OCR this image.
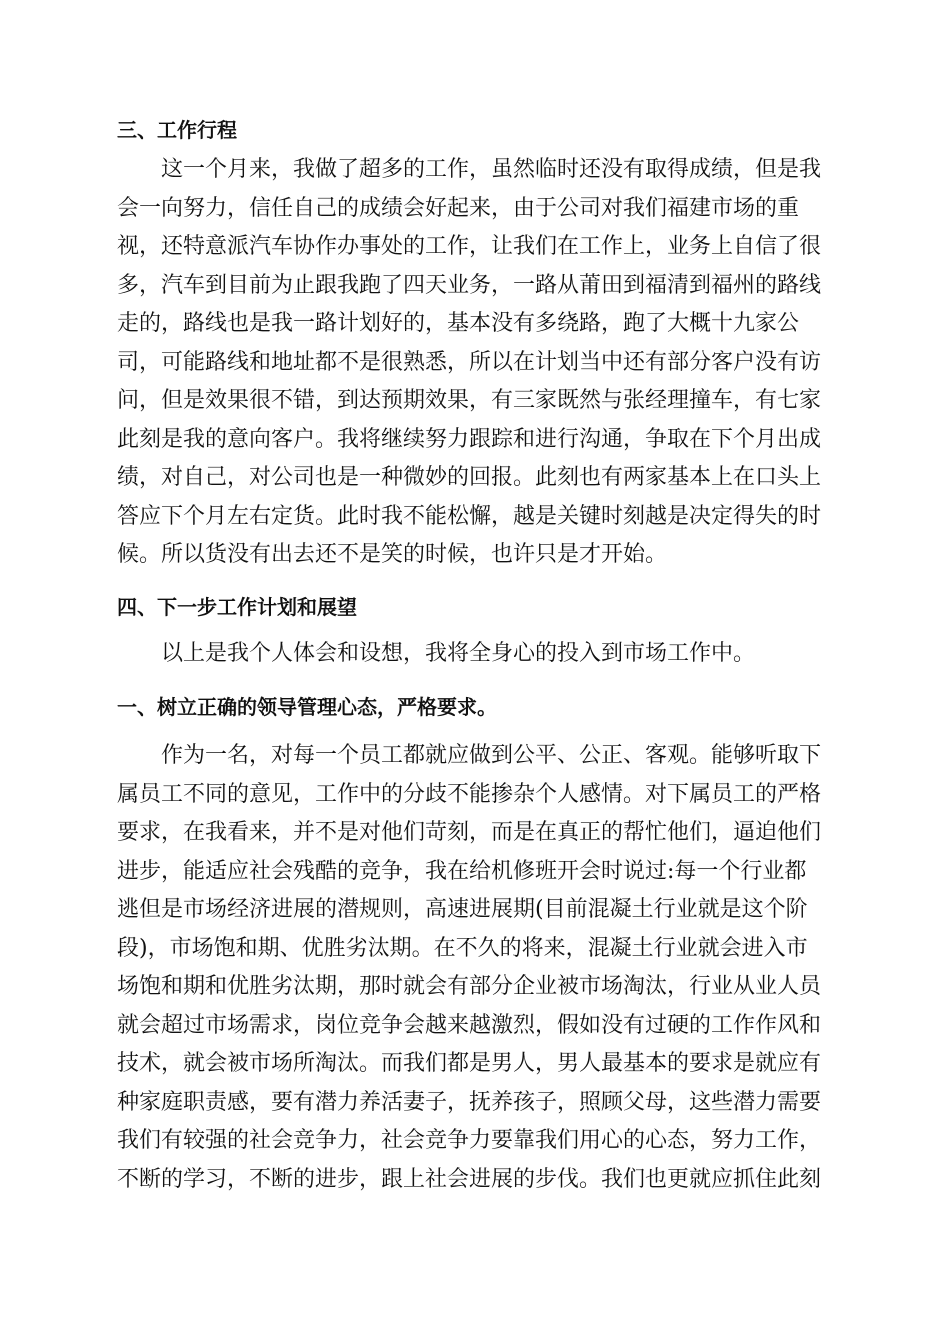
三、工作行程
这一个月来，我做了超多的工作，虽然临时还没有取得成绩，但是我
会一向努力，信任自己的成绩会好起来，由于公司对我们福建市场的重
视，还特意派汽车协作办事处的工作，让我们在工作上，业务上自信了很
多，汽车到目前为止跟我跑了四天业务，一路从莆田到福清到福州的路线
走的，路线也是我一路计划好的，基本没有多绕路，跑了大概十九家公
司，可能路线和地址都不是很熟悉，所以在计划当中还有部分客户没有访
问，但是效果很不错，到达预期效果，有三家既然与张经理撞车，有七家
此刻是我的意向客户。我将继续努力跟踪和进行沟通，争取在下个月出成
绩，对自己，对公司也是一种微妙的回报。此刻也有两家基本上在口头上
答应下个月左右定货。此时我不能松懈，越是关键时刻越是决定得失的时
候。所以货没有出去还不是笑的时候，也许只是才开始。
四、下一步工作计划和展望
以上是我个人体会和设想，我将全身心的投入到市场工作中。
一、树立正确的领导管理心态，严格要求。
作为一名，对每一个员工都就应做到公平、公正、客观。能够听取下
属员工不同的意见，工作中的分歧不能掺杂个人感情。对下属员工的严格
要求，在我看来，并不是对他们苛刻，而是在真正的帮忙他们，逼迫他们
进步，能适应社会残酷的竞争，我在给机修班开会时说过:每一个行业都
逃但是市场经济进展的潜规则，高速进展期(目前混凝土行业就是这个阶
段)，市场饱和期、优胜劣汰期。在不久的将来，混凝土行业就会进入市
场饱和期和优胜劣汰期，那时就会有部分企业被市场淘汰，行业从业人员
就会超过市场需求，岗位竞争会越来越激烈，假如没有过硬的工作作风和
技术，就会被市场所淘汰。而我们都是男人，男人最基本的要求是就应有
种家庭职责感，要有潜力养活妻子，抚养孩子，照顾父母，这些潜力需要
我们有较强的社会竞争力，社会竞争力要靠我们用心的心态，努力工作，
不断的学习，不断的进步，跟上社会进展的步伐。我们也更就应抓住此刻
